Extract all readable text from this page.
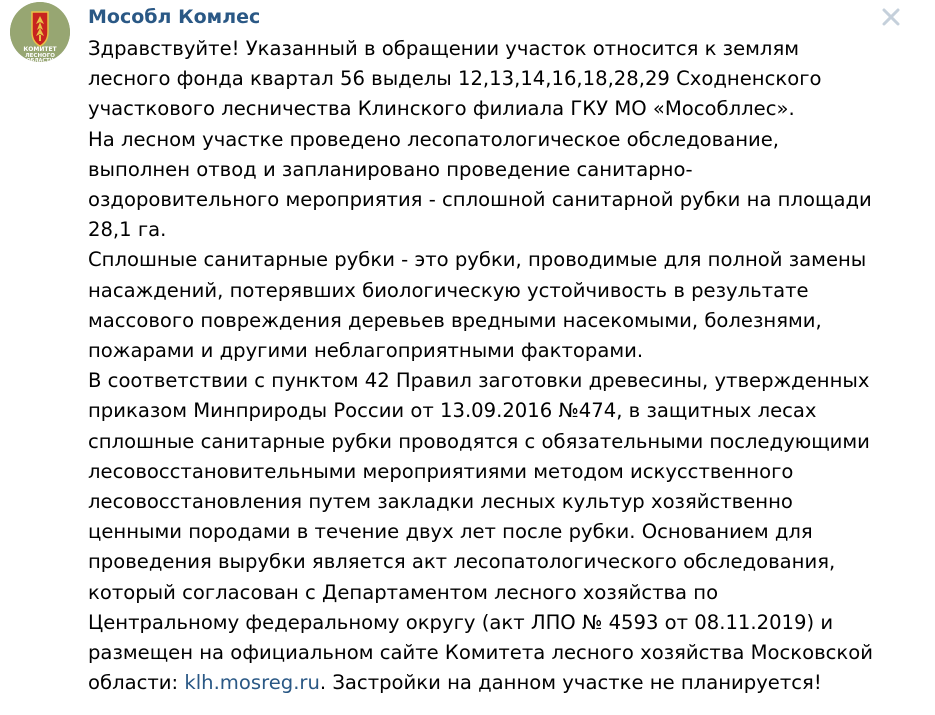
КОМИТЕТ
ЛЕСНОГО
ОБЛАСТИ
Мособл Комлес
Здравствуйте! Указанный в обращении участок относится к землям
лесного фонда квартал 56 выделы 12,13,14,16,18,28,29 Сходненского
участкового лесничества Клинского филиала ГКУ МО «Мособллес».
На лесном участке проведено лесопатологическое обследование,
выполнен отвод и запланировано проведение санитарно-
оздоровительного мероприятия - сплошной санитарной рубки на площади
28,1 га.
Сплошные санитарные рубки - это рубки, проводимые для полной замены
насаждений, потерявших биологическую устойчивость в результате
массового повреждения деревьев вредными насекомыми, болезнями,
пожарами и другими неблагоприятными факторами.
В соответствии с пунктом 42 Правил заготовки древесины, утвержденных
приказом Минприроды России от 13.09.2016 №474, в защитных лесах
сплошные санитарные рубки проводятся с обязательными последующими
лесовосстановительными мероприятиями методом искусственного
лесовосстановления путем закладки лесных культур хозяйственно
ценными породами в течение двух лет после рубки. Основанием для
проведения вырубки является акт лесопатологического обследования,
который согласован с Департаментом лесного хозяйства по
Центральному федеральному округу (акт ЛПО № 4593 от 08.11.2019) и
размещен на официальном сайте Комитета лесного хозяйства Московской
области: klh.mosreg.ru. Застройки на данном участке не планируется!
